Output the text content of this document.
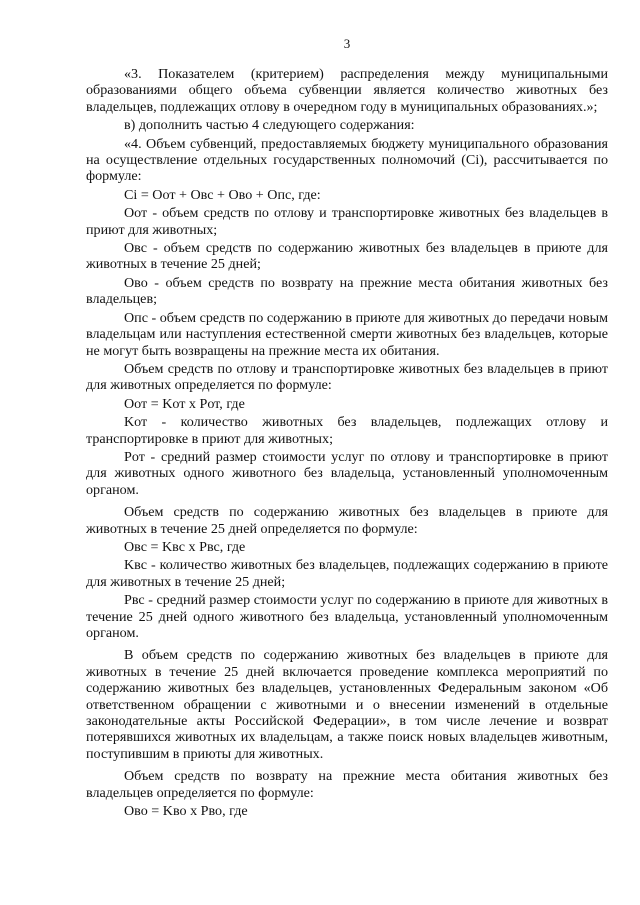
3

«3. Показателем (критерием) распределения между муниципальными образованиями общего объема субвенции является количество животных без владельцев, подлежащих отлову в очередном году в муниципальных образованиях.»;

в) дополнить частью 4 следующего содержания:

«4. Объем субвенций, предоставляемых бюджету муниципального образования на осуществление отдельных государственных полномочий (Ci), рассчитывается по формуле:

Ci = Oот + Oвс + Oво + Oпс, где:

Oот - объем средств по отлову и транспортировке животных без владельцев в приют для животных;

Oвс - объем средств по содержанию животных без владельцев в приюте для животных в течение 25 дней;

Oво - объем средств по возврату на прежние места обитания животных без владельцев;

Oпс - объем средств по содержанию в приюте для животных до передачи новым владельцам или наступления естественной смерти животных без владельцев, которые не могут быть возвращены на прежние места их обитания.

Объем средств по отлову и транспортировке животных без владельцев в приют для животных определяется по формуле:

Oот = Kот x Pот, где

Kот - количество животных без владельцев, подлежащих отлову и транспортировке в приют для животных;

Pот - средний размер стоимости услуг по отлову и транспортировке в приют для животных одного животного без владельца, установленный уполномоченным органом.

Объем средств по содержанию животных без владельцев в приюте для животных в течение 25 дней определяется по формуле:

Oвс = Kвс x Pвс, где

Kвс - количество животных без владельцев, подлежащих содержанию в приюте для животных в течение 25 дней;

Pвс - средний размер стоимости услуг по содержанию в приюте для животных в течение 25 дней одного животного без владельца, установленный уполномоченным органом.

В объем средств по содержанию животных без владельцев в приюте для животных в течение 25 дней включается проведение комплекса мероприятий по содержанию животных без владельцев, установленных Федеральным законом «Об ответственном обращении с животными и о внесении изменений в отдельные законодательные акты Российской Федерации», в том числе лечение и возврат потерявшихся животных их владельцам, а также поиск новых владельцев животным, поступившим в приюты для животных.

Объем средств по возврату на прежние места обитания животных без владельцев определяется по формуле:

Oво = Kво x Pво, где
